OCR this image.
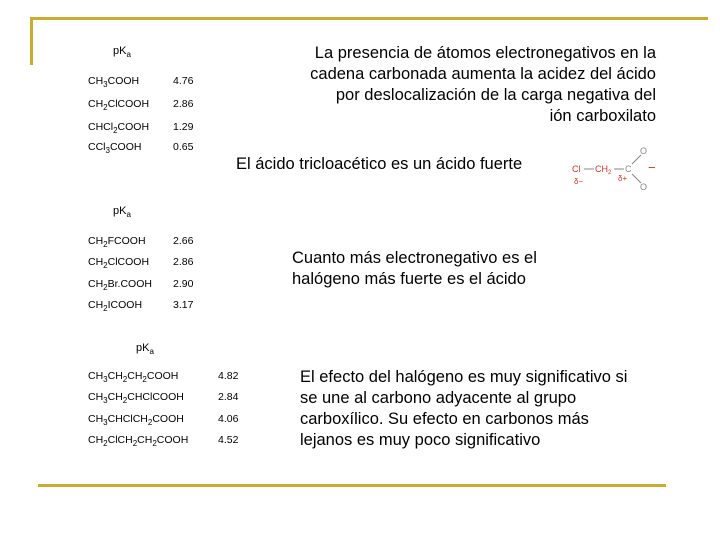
$pK_a$
$CH_3COOH$	4.76
$CH_2ClCOOH$ 2.86
CHCl$_2$COOH 1.29
CCl$_3$COOH	0.65
La presencia de átomos electronegativos en la
cadena carbonada aumenta la acidez del ácido
por deslocalización de la carga negativa del
ión carboxilato
El ácido tricloacético es un ácido fuerte	Cl $CH_2$ C
O
O
−
δ−	δ+
$pK_a$
$CH_2FCOOH$	2.66
$CH_2ClCOOH$ 2.86
$CH_2Br.COOH$ 2.90
$CH_2ICOOH$	3.17
Cuanto más electronegativo es el
halógeno más fuerte es el ácido
$pK_a$
$CH_3CH_2CH_2COOH$	4.82
$CH_3CH_2CHClCOOH$	2.84
$CH_3CHClCH_2COOH$	4.06
$CH_2ClCH_2CH_2COOH$	4.52
El efecto del halógeno es muy significativo si
se une al carbono adyacente al grupo
carboxílico. Su efecto en carbonos más
lejanos es muy poco significativo
